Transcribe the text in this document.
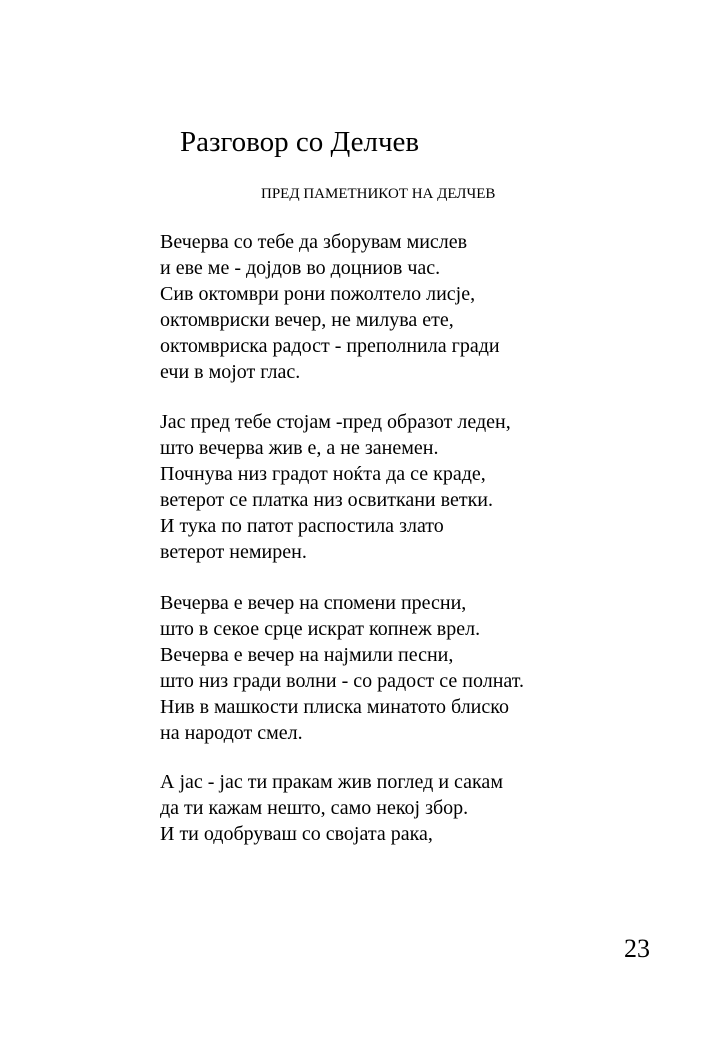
Разговор со Делчев
ПРЕД ПАМЕТНИКОТ НА ДЕЛЧЕВ
Вечерва со тебе да зборувам мислев
и еве ме - дојдов во доцниов час.
Сив октомври рони пожолтело лисје,
октомвриски вечер, не милува ете,
октомвриска радост - преполнила гради
ечи в мојот глас.
Јас пред тебе стојам -пред образот леден,
што вечерва жив е, а не занемен.
Почнува низ градот ноќта да се краде,
ветерот се платка низ освиткани ветки.
И тука по патот распостила злато
ветерот немирен.
Вечерва е вечер на спомени пресни,
што в секое срце искрат копнеж врел.
Вечерва е вечер на најмили песни,
што низ гради волни - со радост се полнат.
Нив в машкости плиска минатото блиско
на народот смел.
А јас - јас ти пракам жив поглед и сакам
да ти кажам нешто, само некој збор.
И ти одобруваш со својата рака,
23
